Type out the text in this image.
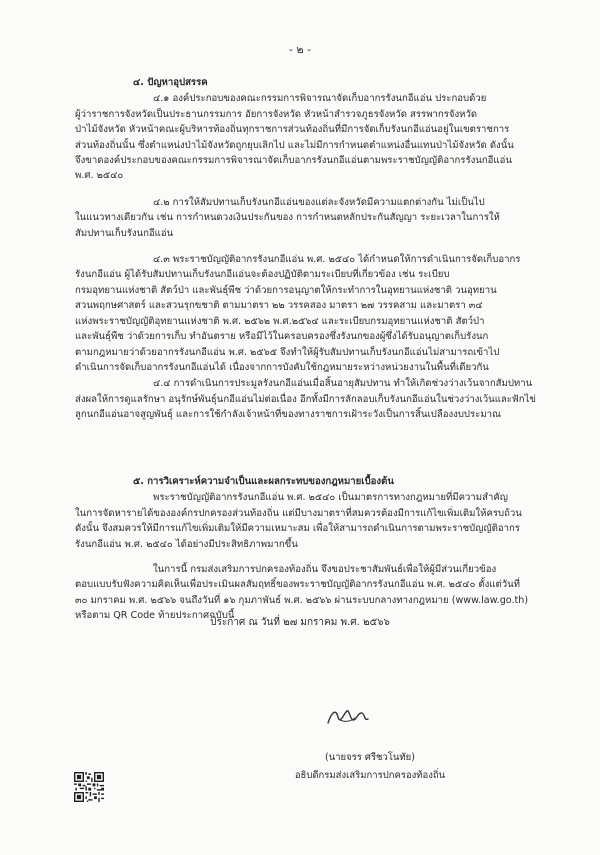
- ๒ -
๔. ปัญหาอุปสรรค
๔.๑ องค์ประกอบของคณะกรรมการพิจารณาจัดเก็บอากรรังนกอีแอ่น ประกอบด้วย
ผู้ว่าราชการจังหวัดเป็นประธานกรรมการ อัยการจังหวัด หัวหน้าสำรวจภูธรจังหวัด สรรพากรจังหวัด
ป่าไม้จังหวัด หัวหน้าคณะผู้บริหารท้องถิ่นทุกราชการส่วนท้องถิ่นที่มีการจัดเก็บรังนกอีแอ่นอยู่ในเขตราชการ
ส่วนท้องถิ่นนั้น ซึ่งตำแหน่งป่าไม้จังหวัดถูกยุบเลิกไป และไม่มีการกำหนดตำแหน่งอื่นแทนป่าไม้จังหวัด ดังนั้น
จึงขาดองค์ประกอบของคณะกรรมการพิจารณาจัดเก็บอากรรังนกอีแอ่นตามพระราชบัญญัติอากรรังนกอีแอ่น
พ.ศ. ๒๕๔๐
๔.๒ การให้สัมปทานเก็บรังนกอีแอ่นของแต่ละจังหวัดมีความแตกต่างกัน ไม่เป็นไป
ในแนวทางเดียวกัน เช่น การกำหนดวงเงินประกันของ การกำหนดหลักประกันสัญญา ระยะเวลาในการให้
สัมปทานเก็บรังนกอีแอ่น
๔.๓ พระราชบัญญัติอากรรังนกอีแอ่น พ.ศ. ๒๕๔๐ ได้กำหนดให้การดำเนินการจัดเก็บอากร
รังนกอีแอ่น ผู้ได้รับสัมปทานเก็บรังนกอีแอ่นจะต้องปฏิบัติตามระเบียบที่เกี่ยวข้อง เช่น ระเบียบ
กรมอุทยานแห่งชาติ สัตว์ป่า และพันธุ์พืช ว่าด้วยการอนุญาตให้กระทำการในอุทยานแห่งชาติ วนอุทยาน
สวนพฤกษศาสตร์ และสวนรุกขชาติ ตามมาตรา ๒๒ วรรคสอง มาตรา ๒๗ วรรคสาม และมาตรา ๓๔
แห่งพระราชบัญญัติอุทยานแห่งชาติ พ.ศ. ๒๕๖๒ พ.ศ.๒๕๖๔ และระเบียบกรมอุทยานแห่งชาติ สัตว์ป่า
และพันธุ์พืช ว่าด้วยการเก็บ ทำอันตราย หรือมีไว้ในครอบครองซึ่งรังนกของผู้ซึ่งได้รับอนุญาตเก็บรังนก
ตามกฎหมายว่าด้วยอากรรังนกอีแอ่น พ.ศ. ๒๕๖๕ จึงทำให้ผู้รับสัมปทานเก็บรังนกอีแอ่นไม่สามารถเข้าไป
ดำเนินการจัดเก็บอากรรังนกอีแอ่นได้ เนื่องจากการบังคับใช้กฎหมายระหว่างหน่วยงานในพื้นที่เดียวกัน
๔.๔ การดำเนินการประมูลรังนกอีแอ่นเมื่อสิ้นอายุสัมปทาน ทำให้เกิดช่วงว่างเว้นจากสัมปทาน
ส่งผลให้การดูแลรักษา อนุรักษ์พันธุ์นกอีแอ่นไม่ต่อเนื่อง อีกทั้งมีการลักลอบเก็บรังนกอีแอ่นในช่วงว่างเว้นและฟักไข่
ลูกนกอีแอ่นอาจสูญพันธุ์ และการใช้กำลังเจ้าหน้าที่ของทางราชการเฝ้าระวังเป็นการสิ้นเปลืองงบประมาณ
๕. การวิเคราะห์ความจำเป็นและผลกระทบของกฎหมายเบื้องต้น
พระราชบัญญัติอากรรังนกอีแอ่น พ.ศ. ๒๕๔๐ เป็นมาตรการทางกฎหมายที่มีความสำคัญ
ในการจัดหารายได้ขององค์กรปกครองส่วนท้องถิ่น แต่มีบางมาตราที่สมควรต้องมีการแก้ไขเพิ่มเติมให้ครบถ้วน
ดังนั้น จึงสมควรให้มีการแก้ไขเพิ่มเติมให้มีความเหมาะสม เพื่อให้สามารถดำเนินการตามพระราชบัญญัติอากร
รังนกอีแอ่น พ.ศ. ๒๕๔๐ ได้อย่างมีประสิทธิภาพมากขึ้น
ในการนี้ กรมส่งเสริมการปกครองท้องถิ่น จึงขอประชาสัมพันธ์เพื่อให้ผู้มีส่วนเกี่ยวข้อง
ตอบแบบรับฟังความคิดเห็นเพื่อประเมินผลสัมฤทธิ์ของพระราชบัญญัติอากรรังนกอีแอ่น พ.ศ. ๒๕๔๐ ตั้งแต่วันที่
๓๐ มกราคม พ.ศ. ๒๕๖๖ จนถึงวันที่ ๑๖ กุมภาพันธ์ พ.ศ. ๒๕๖๖ ผ่านระบบกลางทางกฎหมาย (www.law.go.th)
หรือตาม QR Code ท้ายประกาศฉบับนี้
ประกาศ ณ วันที่ ๒๗ มกราคม พ.ศ. ๒๕๖๖
(นายจรร ศรีชวโนทัย)
อธิบดีกรมส่งเสริมการปกครองท้องถิ่น
